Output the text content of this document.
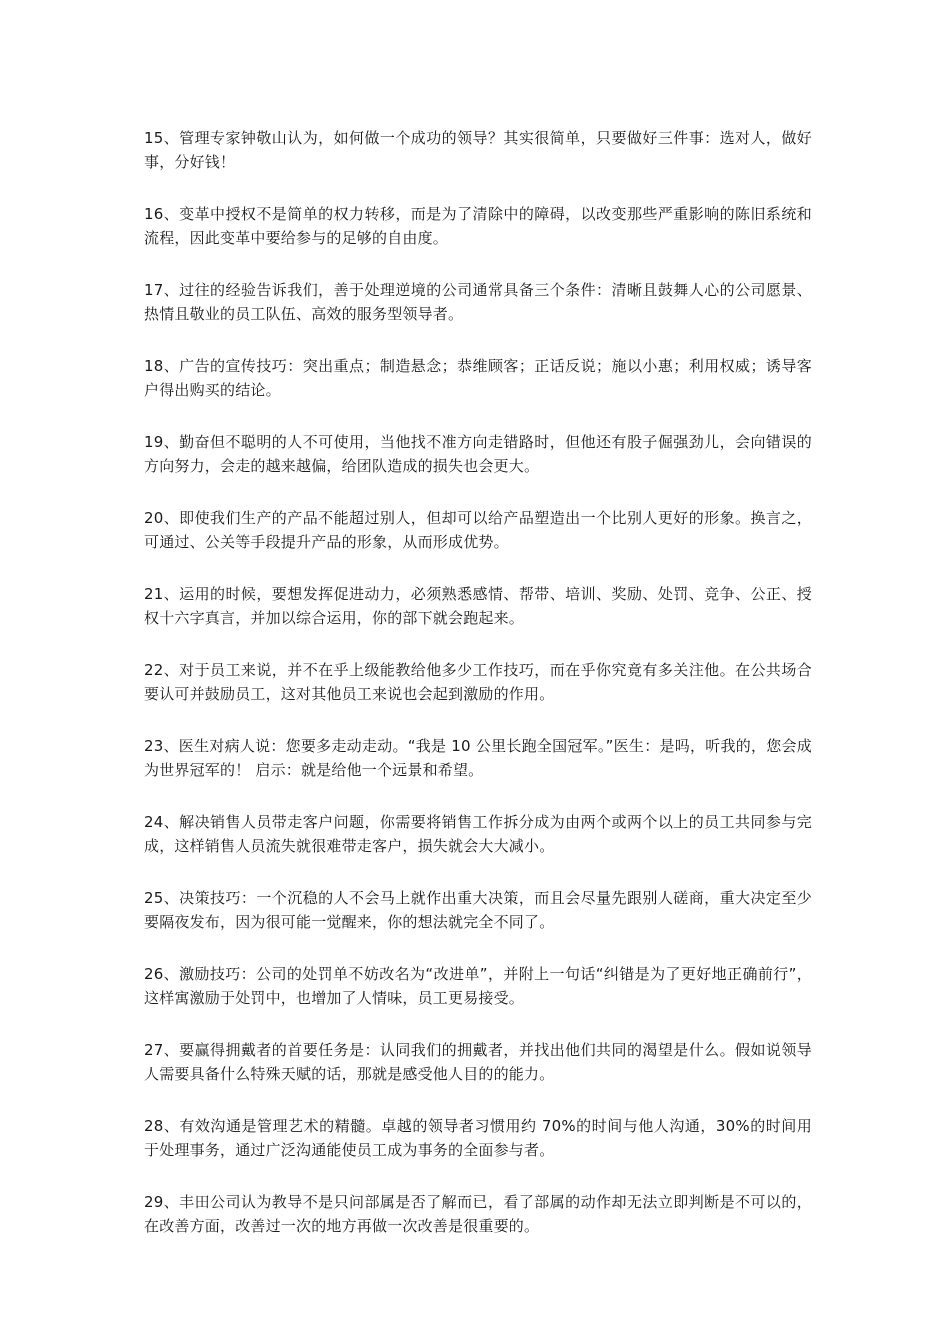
15、管理专家钟敬山认为，如何做一个成功的领导？其实很简单，只要做好三件事：选对人，做好事，分好钱！

16、变革中授权不是简单的权力转移，而是为了清除中的障碍，以改变那些严重影响的陈旧系统和流程，因此变革中要给参与的足够的自由度。

17、过往的经验告诉我们，善于处理逆境的公司通常具备三个条件：清晰且鼓舞人心的公司愿景、热情且敬业的员工队伍、高效的服务型领导者。

18、广告的宣传技巧：突出重点；制造悬念；恭维顾客；正话反说；施以小惠；利用权威；诱导客户得出购买的结论。

19、勤奋但不聪明的人不可使用，当他找不准方向走错路时，但他还有股子倔强劲儿，会向错误的方向努力，会走的越来越偏，给团队造成的损失也会更大。

20、即使我们生产的产品不能超过别人，但却可以给产品塑造出一个比别人更好的形象。换言之，可通过、公关等手段提升产品的形象，从而形成优势。

21、运用的时候，要想发挥促进动力，必须熟悉感情、帮带、培训、奖励、处罚、竞争、公正、授权十六字真言，并加以综合运用，你的部下就会跑起来。

22、对于员工来说，并不在乎上级能教给他多少工作技巧，而在乎你究竟有多关注他。在公共场合要认可并鼓励员工，这对其他员工来说也会起到激励的作用。

23、医生对病人说：您要多走动走动。“我是 10 公里长跑全国冠军。”医生：是吗，听我的，您会成为世界冠军的！ 启示：就是给他一个远景和希望。

24、解决销售人员带走客户问题，你需要将销售工作拆分成为由两个或两个以上的员工共同参与完成，这样销售人员流失就很难带走客户，损失就会大大减小。

25、决策技巧：一个沉稳的人不会马上就作出重大决策，而且会尽量先跟别人磋商，重大决定至少要隔夜发布，因为很可能一觉醒来，你的想法就完全不同了。

26、激励技巧：公司的处罚单不妨改名为“改进单”，并附上一句话“纠错是为了更好地正确前行”，这样寓激励于处罚中，也增加了人情味，员工更易接受。

27、要赢得拥戴者的首要任务是：认同我们的拥戴者，并找出他们共同的渴望是什么。假如说领导人需要具备什么特殊天赋的话，那就是感受他人目的的能力。

28、有效沟通是管理艺术的精髓。卓越的领导者习惯用约 70%的时间与他人沟通，30%的时间用于处理事务，通过广泛沟通能使员工成为事务的全面参与者。

29、丰田公司认为教导不是只问部属是否了解而已，看了部属的动作却无法立即判断是不可以的，在改善方面，改善过一次的地方再做一次改善是很重要的。
